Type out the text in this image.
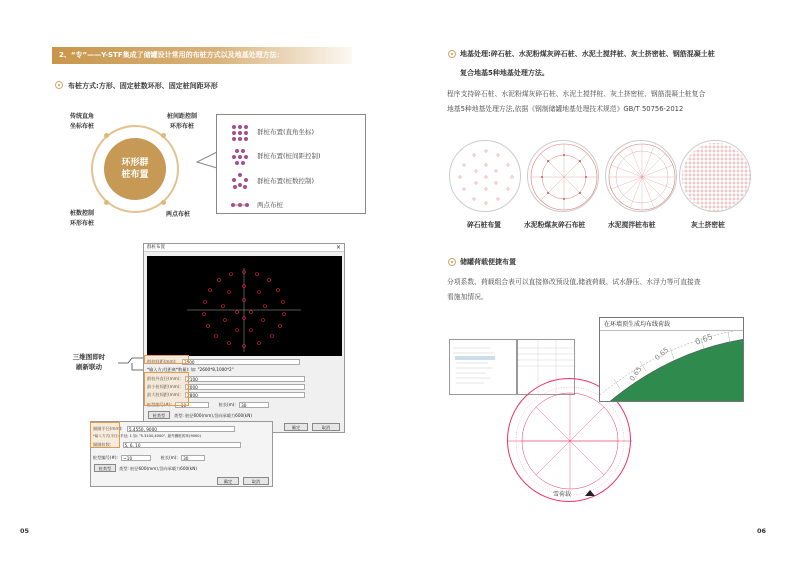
2、“专”——Y-STF集成了储罐设计常用的布桩方式以及地基处理方法：
布桩方式:方形、固定桩数环形、固定桩间距环形
传统直角
坐标布桩
桩间距控制
环形布桩
桩数控制
环形布桩
两点布桩
环形群
桩布置
群桩布置(直角坐标)
群桩布置(桩间距控制)
群桩布置(桩数控制)
两点布桩
三维图即时
刷新联动
群桩布置	×
群桩间距(mm): 2500
*输入方式(距离*数量): 如: "2600*8,1000*2"
群桩外直径(mm): 2100
最小桩间距(mm): 2000
最大桩间距(mm): 2800
桩型编号(#): ~10	桩长(m): 30
桩类型	类型: 桩径600(mm),竖向承载力600(kN)
确定	取消
圈圈半径(mm): 5.4550, 9000
*输入方式(半径: 半径; 1 如: "5.3100,4000", 最外圈桩的环(9000)
圈圈桩数:	5, 6, 10
桩型编号(#): ~10	桩长(m): 30
桩类型	类型: 桩径600(mm),竖向承载力600(kN)
确定	取消
05
地基处理:碎石桩、水泥粉煤灰碎石桩、水泥土搅拌桩、灰土挤密桩、钢筋混凝土桩
复合地基5种地基处理方法。
程序支持碎石桩、水泥粉煤灰碎石桩、水泥土搅拌桩、灰土挤密桩、钢筋混凝土桩复合
地基5种地基处理方法,依据《钢制储罐地基处理技术规范》GB/T 50756-2012
碎石桩布置	水泥粉煤灰碎石布桩	水泥搅拌桩布桩	灰土挤密桩
储罐荷载便捷布置
分项系数、荷载组合表可以直接修改预设值,储液荷载、试水静压、水浮力等可直接查
看施加情况。
在环墙顶生成均布线荷载
0.65
0.65
0.65
雪荷载
06
